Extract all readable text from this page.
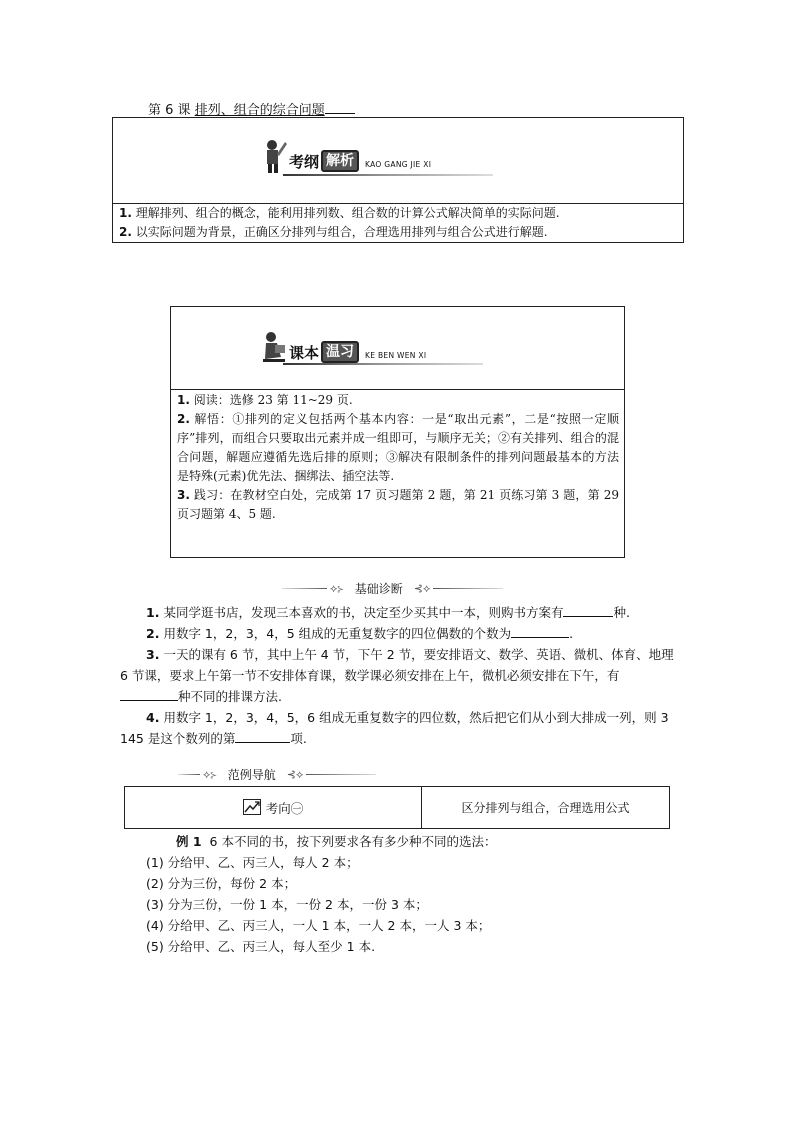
第 6 课 排列、组合的综合问题
考纲 解析	KAO GANG JIE XI
1. 理解排列、组合的概念，能利用排列数、组合数的计算公式解决简单的实际问题.
2. 以实际问题为背景，正确区分排列与组合，合理选用排列与组合公式进行解题.
课本 温习	KE BEN WEN XI
1. 阅读：选修 23 第 11~29 页.
2. 解悟：①排列的定义包括两个基本内容：一是“取出元素”，二是“按照一定顺序”排列，而组合只要取出元素并成一组即可，与顺序无关；②有关排列、组合的混合问题，解题应遵循先选后排的原则；③解决有限制条件的排列问题最基本的方法是特殊(元素)优先法、捆绑法、插空法等.
3. 践习：在教材空白处，完成第 17 页习题第 2 题，第 21 页练习第 3 题，第 29 页习题第 4、5 题.
⟡⊱ 基础诊断	⊰⟡
1. 某同学逛书店，发现三本喜欢的书，决定至少买其中一本，则购书方案有	种.
2. 用数字 1，2，3，4，5 组成的无重复数字的四位偶数的个数为	.
3. 一天的课有 6 节，其中上午 4 节，下午 2 节，要安排语文、数学、英语、微机、体育、地理 6 节课，要求上午第一节不安排体育课，数学课必须安排在上午，微机必须安排在下午，有种不同的排课方法.
4. 用数字 1，2，3，4，5，6 组成无重复数字的四位数，然后把它们从小到大排成一列，则 3 145 是这个数列的第	项.
⟡⊱ 范例导航	⊰⟡
考向㊀	区分排列与组合，合理选用公式
例 1 6 本不同的书，按下列要求各有多少种不同的选法：
(1) 分给甲、乙、丙三人，每人 2 本；
(2) 分为三份，每份 2 本；
(3) 分为三份，一份 1 本，一份 2 本，一份 3 本；
(4) 分给甲、乙、丙三人，一人 1 本，一人 2 本，一人 3 本；
(5) 分给甲、乙、丙三人，每人至少 1 本.
